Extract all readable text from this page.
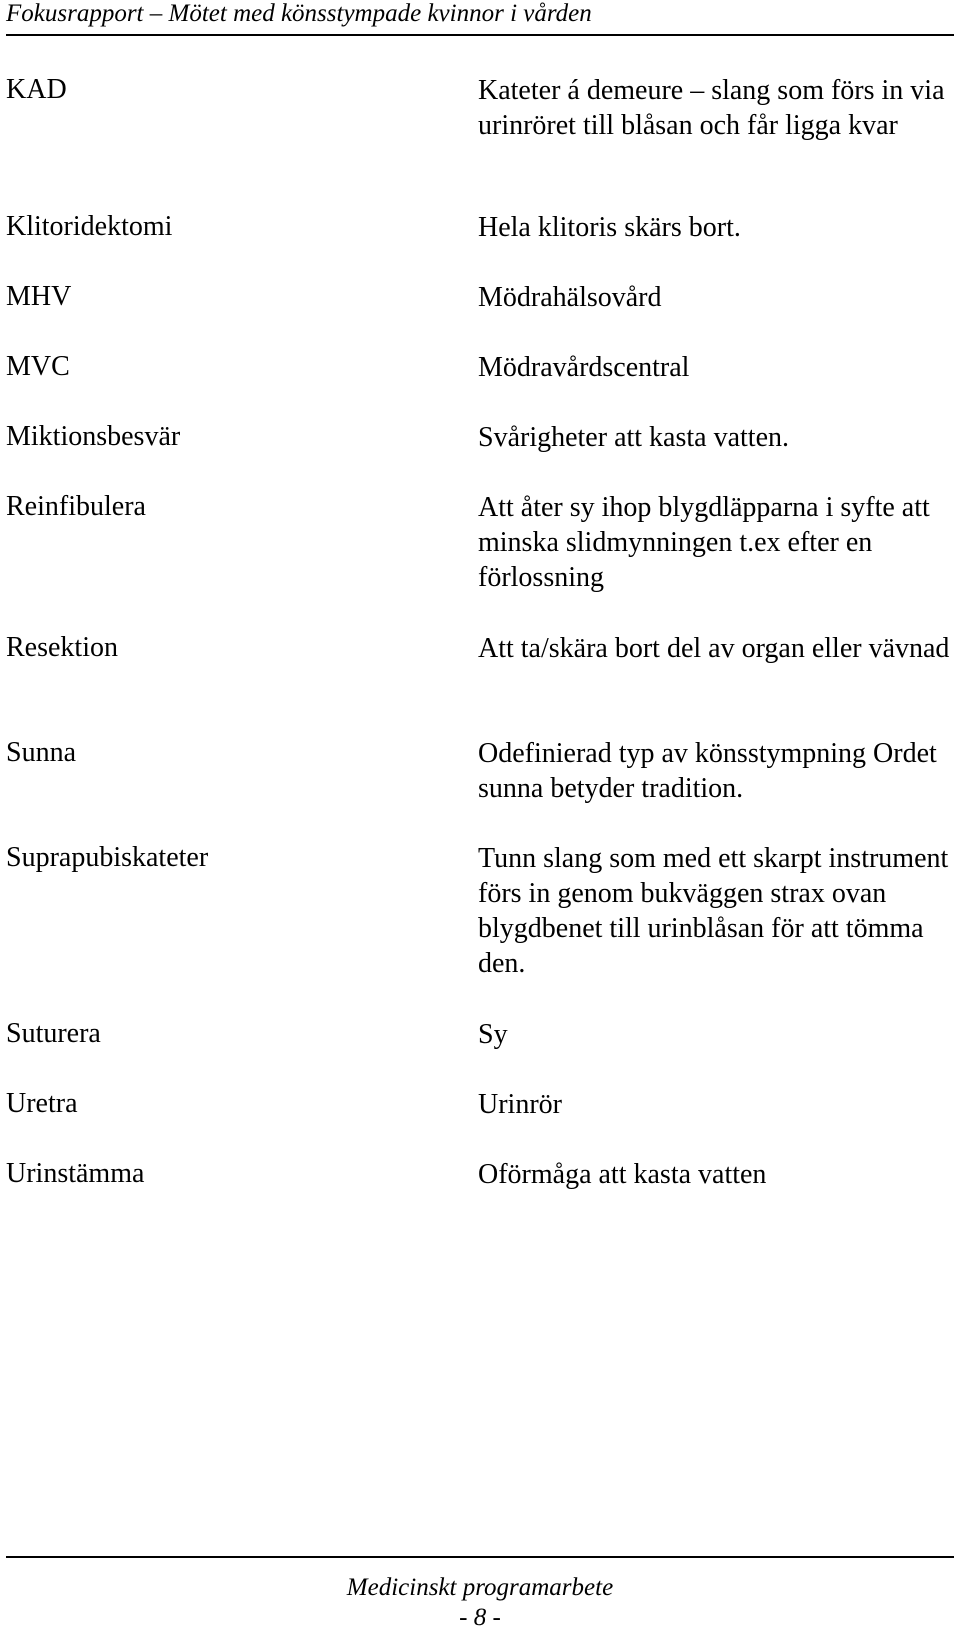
Fokusrapport – Mötet med könsstympade kvinnor i vården
KAD	Kateter á demeure – slang som förs in via urinröret till blåsan och får ligga kvar
Klitoridektomi	Hela klitoris skärs bort.
MHV	Mödrahälsovård
MVC	Mödravårdscentral
Miktionsbesvär	Svårigheter att kasta vatten.
Reinfibulera	Att åter sy ihop blygdläpparna i syfte att minska slidmynningen t.ex efter en förlossning
Resektion	Att ta/skära bort del av organ eller vävnad
Sunna	Odefinierad typ av könsstympning Ordet sunna betyder tradition.
Suprapubiskateter	Tunn slang som med ett skarpt instrument förs in genom bukväggen strax ovan blygdbenet till urinblåsan för att tömma den.
Suturera	Sy
Uretra	Urinrör
Urinstämma	Oförmåga att kasta vatten
Medicinskt programarbete
- 8 -
